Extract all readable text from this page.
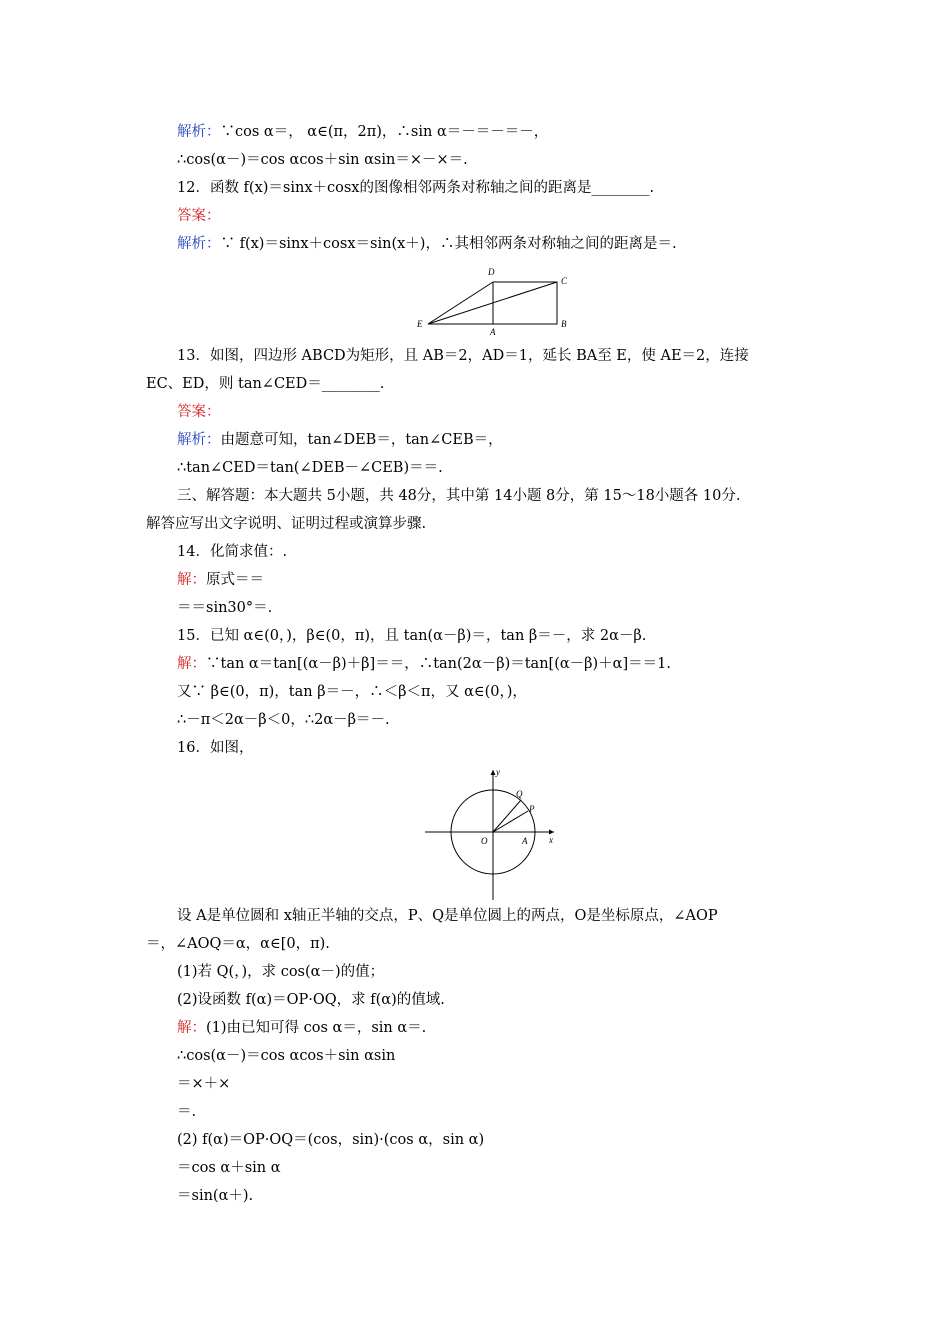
解析：∵cos α＝， α∈(π，2π)，∴sin α＝－＝－＝－，
∴cos(α－)＝cos αcos＋sin αsin＝×－×＝.
12．函数 f(x)＝sinx＋cosx的图像相邻两条对称轴之间的距离是________.
答案：
解析：∵ f(x)＝sinx＋cosx＝sin(x＋)，∴其相邻两条对称轴之间的距离是＝.
13．如图，四边形 ABCD为矩形，且 AB＝2，AD＝1，延长 BA至 E，使 AE＝2，连接
EC、ED，则 tan∠CED＝________.
答案：
解析：由题意可知，tan∠DEB＝，tan∠CEB＝，
∴tan∠CED＝tan(∠DEB－∠CEB)＝＝.
三、解答题：本大题共 5小题，共 48分，其中第 14小题 8分，第 15～18小题各 10分.
解答应写出文字说明、证明过程或演算步骤.
14．化简求值：.
解：原式＝＝
＝＝sin30°＝.
15．已知 α∈(0，)，β∈(0，π)，且 tan(α－β)＝，tan β＝－，求 2α－β.
解：∵tan α＝tan[(α－β)＋β]＝＝，∴tan(2α－β)＝tan[(α－β)＋α]＝＝1.
又∵ β∈(0，π)，tan β＝－，∴＜β＜π，又 α∈(0，)，
∴－π＜2α－β＜0，∴2α－β＝－.
16．如图，
设 A是单位圆和 x轴正半轴的交点，P、Q是单位圆上的两点，O是坐标原点，∠AOP
＝，∠AOQ＝α，α∈[0，π).
(1)若 Q(，)，求 cos(α－)的值；
(2)设函数 f(α)＝OP·OQ，求 f(α)的值域.
解：(1)由已知可得 cos α＝，sin α＝.
∴cos(α－)＝cos αcos＋sin αsin
＝×＋×
＝.
(2) f(α)＝OP·OQ＝(cos，sin)·(cos α，sin α)
＝cos α＋sin α
＝sin(α＋).
D
C
E
A
B
y
Q
P
O	A x
